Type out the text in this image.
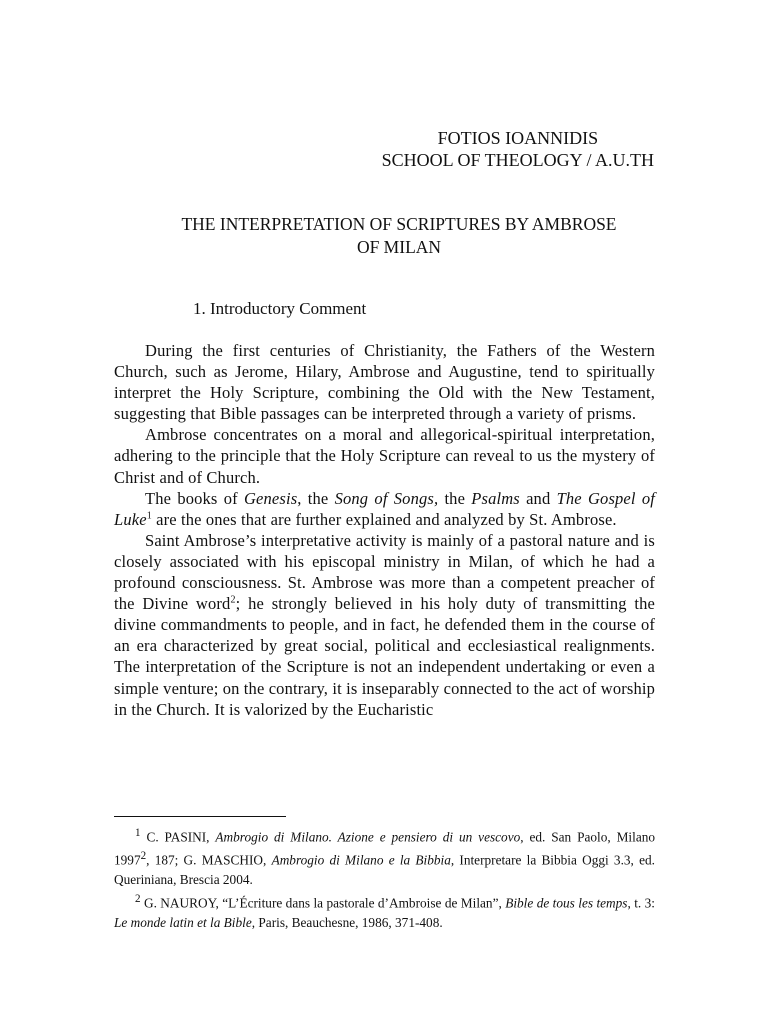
FOTIOS IOANNIDIS
SCHOOL OF THEOLOGY / A.U.TH
THE INTERPRETATION OF SCRIPTURES BY AMBROSE
OF MILAN
1. Introductory Comment

During the first centuries of Christianity, the Fathers of the Western Church, such as Jerome, Hilary, Ambrose and Augustine, tend to spiritually interpret the Holy Scripture, combining the Old with the New Testament, suggesting that Bible passages can be interpreted through a variety of prisms.

Ambrose concentrates on a moral and allegorical-spiritual interpretation, adhering to the principle that the Holy Scripture can reveal to us the mystery of Christ and of Church.

The books of Genesis, the Song of Songs, the Psalms and The Gospel of Luke$^1$ are the ones that are further explained and analyzed by St. Ambrose.

Saint Ambrose’s interpretative activity is mainly of a pastoral nature and is closely associated with his episcopal ministry in Milan, of which he had a profound consciousness. St. Ambrose was more than a competent preacher of the Divine word$^2$; he strongly believed in his holy duty of transmitting the divine commandments to people, and in fact, he defended them in the course of an era characterized by great social, political and ecclesiastical realignments. The interpretation of the Scripture is not an independent undertaking or even a simple venture; on the contrary, it is inseparably connected to the act of worship in the Church. It is valorized by the Eucharistic

$^1$ C. PASINI, Ambrogio di Milano. Azione e pensiero di un vescovo, ed. San Paolo, Milano 1997$^2$, 187; G. MASCHIO, Ambrogio di Milano e la Bibbia, Interpretare la Bibbia Oggi 3.3, ed. Queriniana, Brescia 2004.

$^2$ G. NAUROY, “L’Écriture dans la pastorale d’Ambroise de Milan”, Bible de tous les temps, t. 3: Le monde latin et la Bible, Paris, Beauchesne, 1986, 371-408.
